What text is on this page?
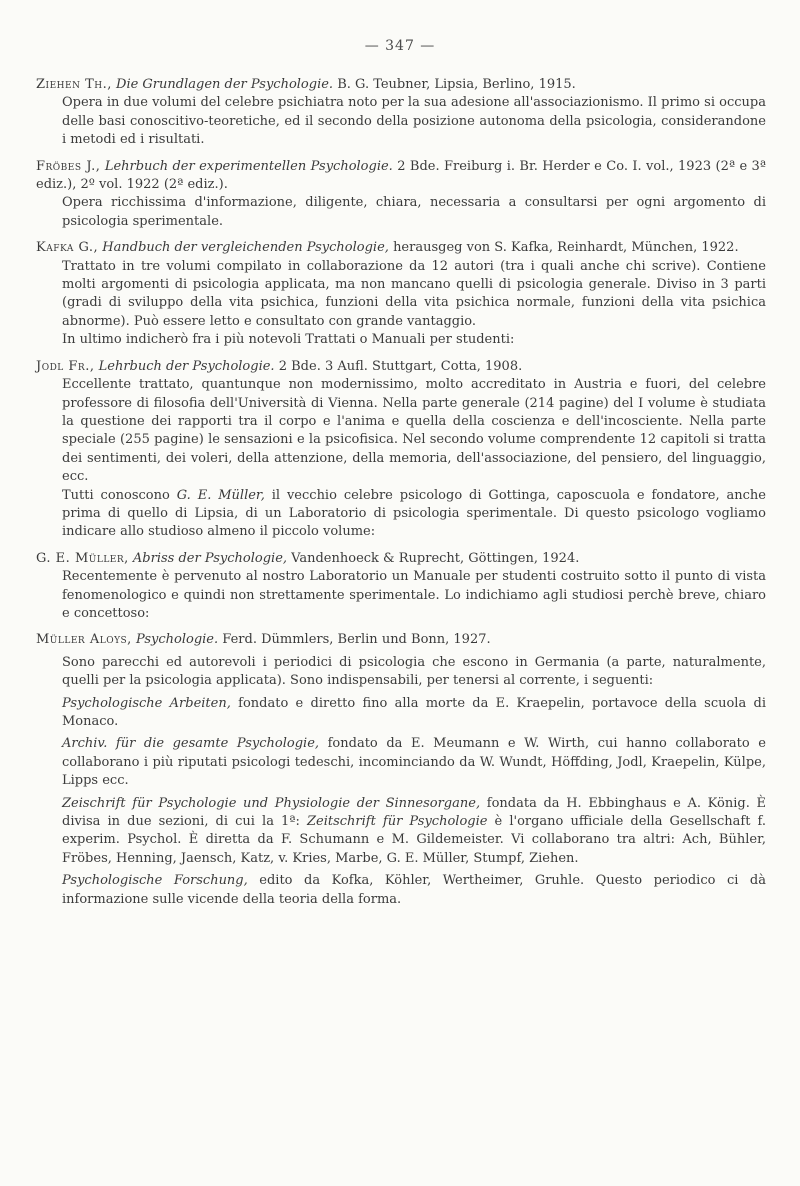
— 347 —

Ziehen Th., Die Grundlagen der Psychologie. B. G. Teubner, Lipsia, Berlino, 1915.

Opera in due volumi del celebre psichiatra noto per la sua adesione all'associazionismo. Il primo si occupa delle basi conoscitivo-teoretiche, ed il secondo della posizione autonoma della psicologia, considerandone i metodi ed i risultati.

Fröbes J., Lehrbuch der experimentellen Psychologie. 2 Bde. Freiburg i. Br. Herder e Co. I. vol., 1923 (2ª e 3ª ediz.), 2º vol. 1922 (2ª ediz.).

Opera ricchissima d'informazione, diligente, chiara, necessaria a consultarsi per ogni argomento di psicologia sperimentale.

Kafka G., Handbuch der vergleichenden Psychologie, herausgeg von S. Kafka, Reinhardt, München, 1922.

Trattato in tre volumi compilato in collaborazione da 12 autori (tra i quali anche chi scrive). Contiene molti argomenti di psicologia applicata, ma non mancano quelli di psicologia generale. Diviso in 3 parti (gradi di sviluppo della vita psichica, funzioni della vita psichica normale, funzioni della vita psichica abnorme). Può essere letto e consultato con grande vantaggio.

In ultimo indicherò fra i più notevoli Trattati o Manuali per studenti:

Jodl Fr., Lehrbuch der Psychologie. 2 Bde. 3 Aufl. Stuttgart, Cotta, 1908.

Eccellente trattato, quantunque non modernissimo, molto accreditato in Austria e fuori, del celebre professore di filosofia dell'Università di Vienna. Nella parte generale (214 pagine) del I volume è studiata la questione dei rapporti tra il corpo e l'anima e quella della coscienza e dell'incosciente. Nella parte speciale (255 pagine) le sensazioni e la psicofisica. Nel secondo volume comprendente 12 capitoli si tratta dei sentimenti, dei voleri, della attenzione, della memoria, dell'associazione, del pensiero, del linguaggio, ecc.

Tutti conoscono G. E. Müller, il vecchio celebre psicologo di Gottinga, caposcuola e fondatore, anche prima di quello di Lipsia, di un Laboratorio di psicologia sperimentale. Di questo psicologo vogliamo indicare allo studioso almeno il piccolo volume:

G. E. Müller, Abriss der Psychologie, Vandenhoeck & Ruprecht, Göttingen, 1924.

Recentemente è pervenuto al nostro Laboratorio un Manuale per studenti costruito sotto il punto di vista fenomenologico e quindi non strettamente sperimentale. Lo indichiamo agli studiosi perchè breve, chiaro e concettoso:

Müller Aloys, Psychologie. Ferd. Dümmlers, Berlin und Bonn, 1927.

Sono parecchi ed autorevoli i periodici di psicologia che escono in Germania (a parte, naturalmente, quelli per la psicologia applicata). Sono indispensabili, per tenersi al corrente, i seguenti:

Psychologische Arbeiten, fondato e diretto fino alla morte da E. Kraepelin, portavoce della scuola di Monaco.

Archiv. für die gesamte Psychologie, fondato da E. Meumann e W. Wirth, cui hanno collaborato e collaborano i più riputati psicologi tedeschi, incominciando da W. Wundt, Höffding, Jodl, Kraepelin, Külpe, Lipps ecc.

Zeischrift für Psychologie und Physiologie der Sinnesorgane, fondata da H. Ebbinghaus e A. König. È divisa in due sezioni, di cui la 1ª: Zeitschrift für Psychologie è l'organo ufficiale della Gesellschaft f. experim. Psychol. È diretta da F. Schumann e M. Gildemeister. Vi collaborano tra altri: Ach, Bühler, Fröbes, Henning, Jaensch, Katz, v. Kries, Marbe, G. E. Müller, Stumpf, Ziehen.

Psychologische Forschung, edito da Kofka, Köhler, Wertheimer, Gruhle. Questo periodico ci dà informazione sulle vicende della teoria della forma.
